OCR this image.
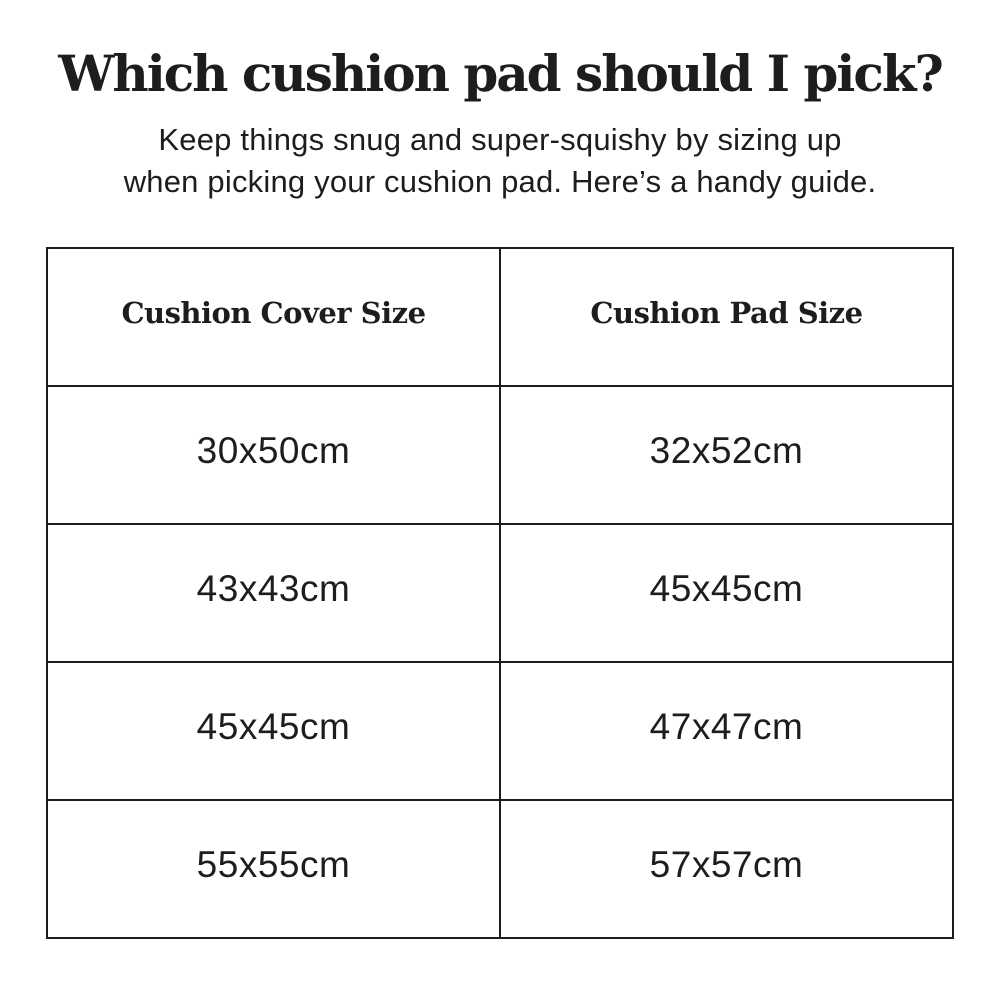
Which cushion pad should I pick?
Keep things snug and super-squishy by sizing up
when picking your cushion pad. Here’s a handy guide.
Cushion Cover Size	Cushion Pad Size
30x50cm	32x52cm
43x43cm	45x45cm
45x45cm	47x47cm
55x55cm	57x57cm
